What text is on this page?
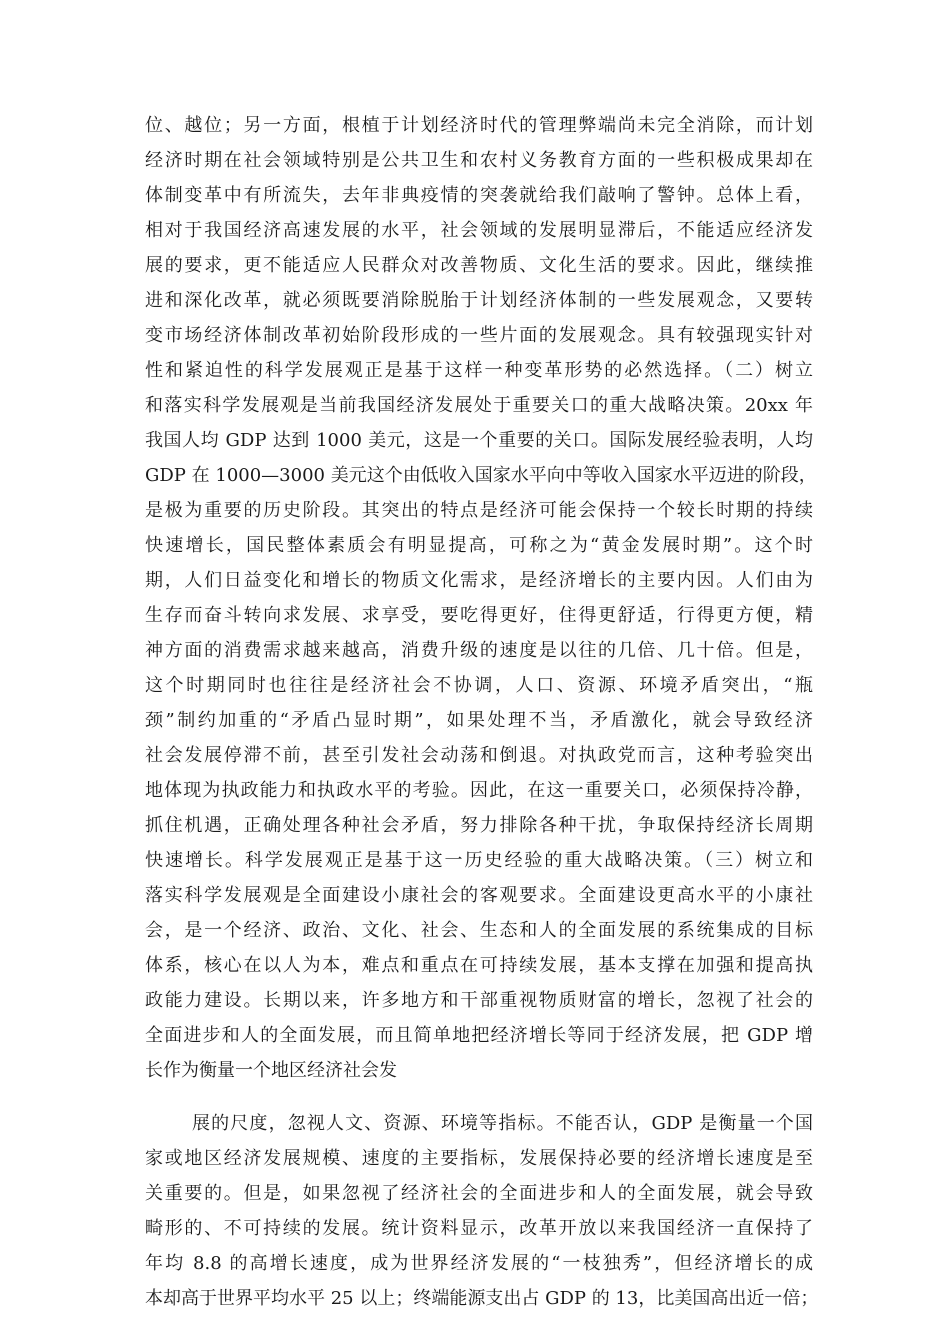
位、越位；另一方面，根植于计划经济时代的管理弊端尚未完全消除，而计划
经济时期在社会领域特别是公共卫生和农村义务教育方面的一些积极成果却在
体制变革中有所流失，去年非典疫情的突袭就给我们敲响了警钟。总体上看，
相对于我国经济高速发展的水平，社会领域的发展明显滞后，不能适应经济发
展的要求，更不能适应人民群众对改善物质、文化生活的要求。因此，继续推
进和深化改革，就必须既要消除脱胎于计划经济体制的一些发展观念，又要转
变市场经济体制改革初始阶段形成的一些片面的发展观念。具有较强现实针对
性和紧迫性的科学发展观正是基于这样一种变革形势的必然选择。（二）树立
和落实科学发展观是当前我国经济发展处于重要关口的重大战略决策。20xx 年
我国人均 GDP 达到 1000 美元，这是一个重要的关口。国际发展经验表明，人均
GDP 在 1000—3000 美元这个由低收入国家水平向中等收入国家水平迈进的阶段，
是极为重要的历史阶段。其突出的特点是经济可能会保持一个较长时期的持续
快速增长，国民整体素质会有明显提高，可称之为“黄金发展时期”。这个时
期，人们日益变化和增长的物质文化需求，是经济增长的主要内因。人们由为
生存而奋斗转向求发展、求享受，要吃得更好，住得更舒适，行得更方便，精
神方面的消费需求越来越高，消费升级的速度是以往的几倍、几十倍。但是，
这个时期同时也往往是经济社会不协调，人口、资源、环境矛盾突出，“瓶
颈”制约加重的“矛盾凸显时期”，如果处理不当，矛盾激化，就会导致经济
社会发展停滞不前，甚至引发社会动荡和倒退。对执政党而言，这种考验突出
地体现为执政能力和执政水平的考验。因此，在这一重要关口，必须保持冷静，
抓住机遇，正确处理各种社会矛盾，努力排除各种干扰，争取保持经济长周期
快速增长。科学发展观正是基于这一历史经验的重大战略决策。（三）树立和
落实科学发展观是全面建设小康社会的客观要求。全面建设更高水平的小康社
会，是一个经济、政治、文化、社会、生态和人的全面发展的系统集成的目标
体系，核心在以人为本，难点和重点在可持续发展，基本支撑在加强和提高执
政能力建设。长期以来，许多地方和干部重视物质财富的增长，忽视了社会的
全面进步和人的全面发展，而且简单地把经济增长等同于经济发展，把 GDP 增
长作为衡量一个地区经济社会发
展的尺度，忽视人文、资源、环境等指标。不能否认，GDP 是衡量一个国
家或地区经济发展规模、速度的主要指标，发展保持必要的经济增长速度是至
关重要的。但是，如果忽视了经济社会的全面进步和人的全面发展，就会导致
畸形的、不可持续的发展。统计资料显示，改革开放以来我国经济一直保持了
年均 8.8 的高增长速度，成为世界经济发展的“一枝独秀”，但经济增长的成
本却高于世界平均水平 25 以上；终端能源支出占 GDP 的 13，比美国高出近一倍；
